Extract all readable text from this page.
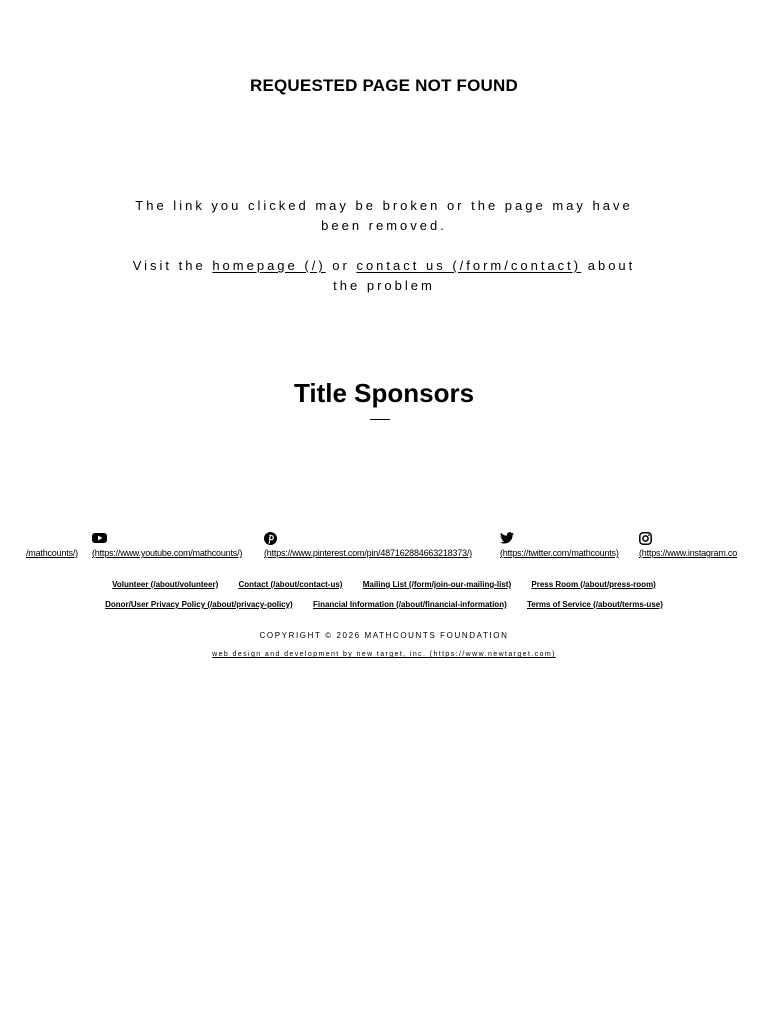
REQUESTED PAGE NOT FOUND
The link you clicked may be broken or the page may have been removed.
Visit the homepage (/) or contact us (/form/contact) about the problem
Title Sponsors
/mathcounts/) (https://www.youtube.com/mathcounts/) (https://www.pinterest.com/pin/487162884663218373/)	(https://twitter.com/mathcounts) (https://www.instagram.co
Volunteer (/about/volunteer)	Contact (/about/contact-us)	Mailing List (/form/join-our-mailing-list)	Press Room (/about/press-room)
Donor/User Privacy Policy (/about/privacy-policy)	Financial Information (/about/financial-information)	Terms of Service (/about/terms-use)
COPYRIGHT © 2026 MATHCOUNTS FOUNDATION
web design and development by new target, inc. (https://www.newtarget.com)
